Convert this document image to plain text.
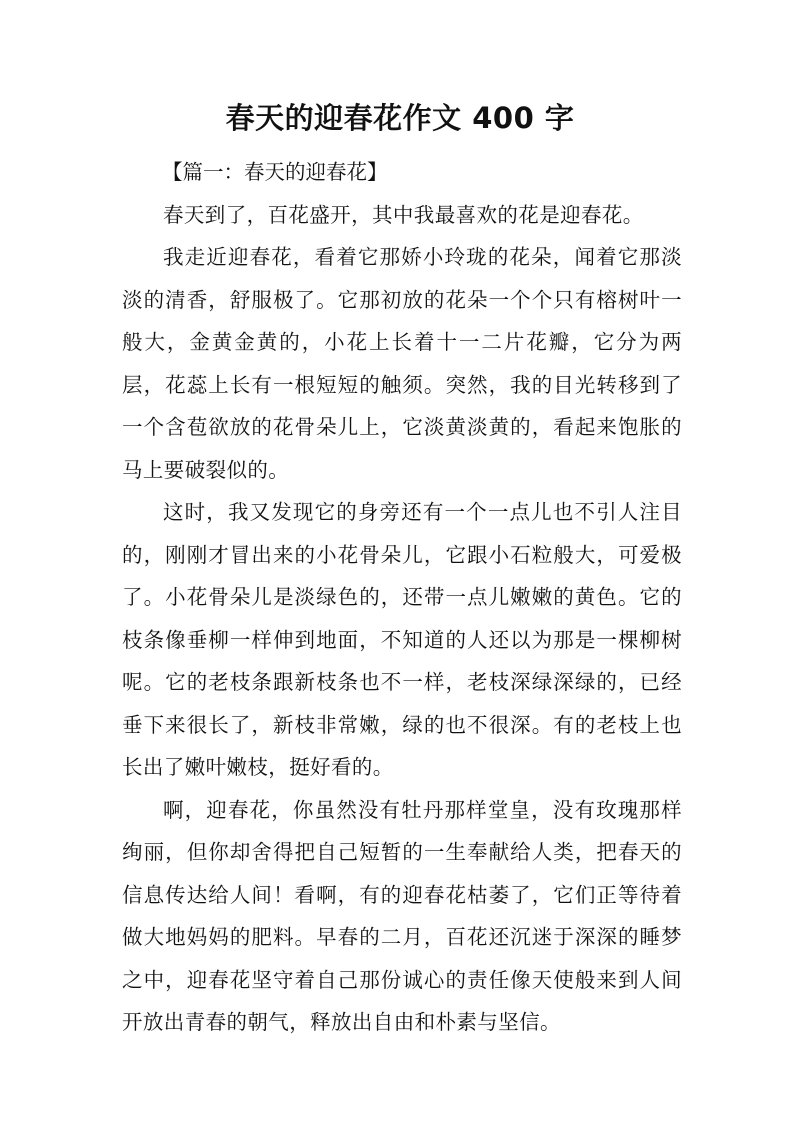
春天的迎春花作文 400 字

【篇一：春天的迎春花】

春天到了，百花盛开，其中我最喜欢的花是迎春花。

我走近迎春花，看着它那娇小玲珑的花朵，闻着它那淡淡的清香，舒服极了。它那初放的花朵一个个只有榕树叶一般大，金黄金黄的，小花上长着十一二片花瓣，它分为两层，花蕊上长有一根短短的触须。突然，我的目光转移到了一个含苞欲放的花骨朵儿上，它淡黄淡黄的，看起来饱胀的马上要破裂似的。

这时，我又发现它的身旁还有一个一点儿也不引人注目的，刚刚才冒出来的小花骨朵儿，它跟小石粒般大，可爱极了。小花骨朵儿是淡绿色的，还带一点儿嫩嫩的黄色。它的枝条像垂柳一样伸到地面，不知道的人还以为那是一棵柳树呢。它的老枝条跟新枝条也不一样，老枝深绿深绿的，已经垂下来很长了，新枝非常嫩，绿的也不很深。有的老枝上也长出了嫩叶嫩枝，挺好看的。

啊，迎春花，你虽然没有牡丹那样堂皇，没有玫瑰那样绚丽，但你却舍得把自己短暂的一生奉献给人类，把春天的信息传达给人间！看啊，有的迎春花枯萎了，它们正等待着做大地妈妈的肥料。早春的二月，百花还沉迷于深深的睡梦之中，迎春花坚守着自己那份诚心的责任像天使般来到人间开放出青春的朝气，释放出自由和朴素与坚信。
